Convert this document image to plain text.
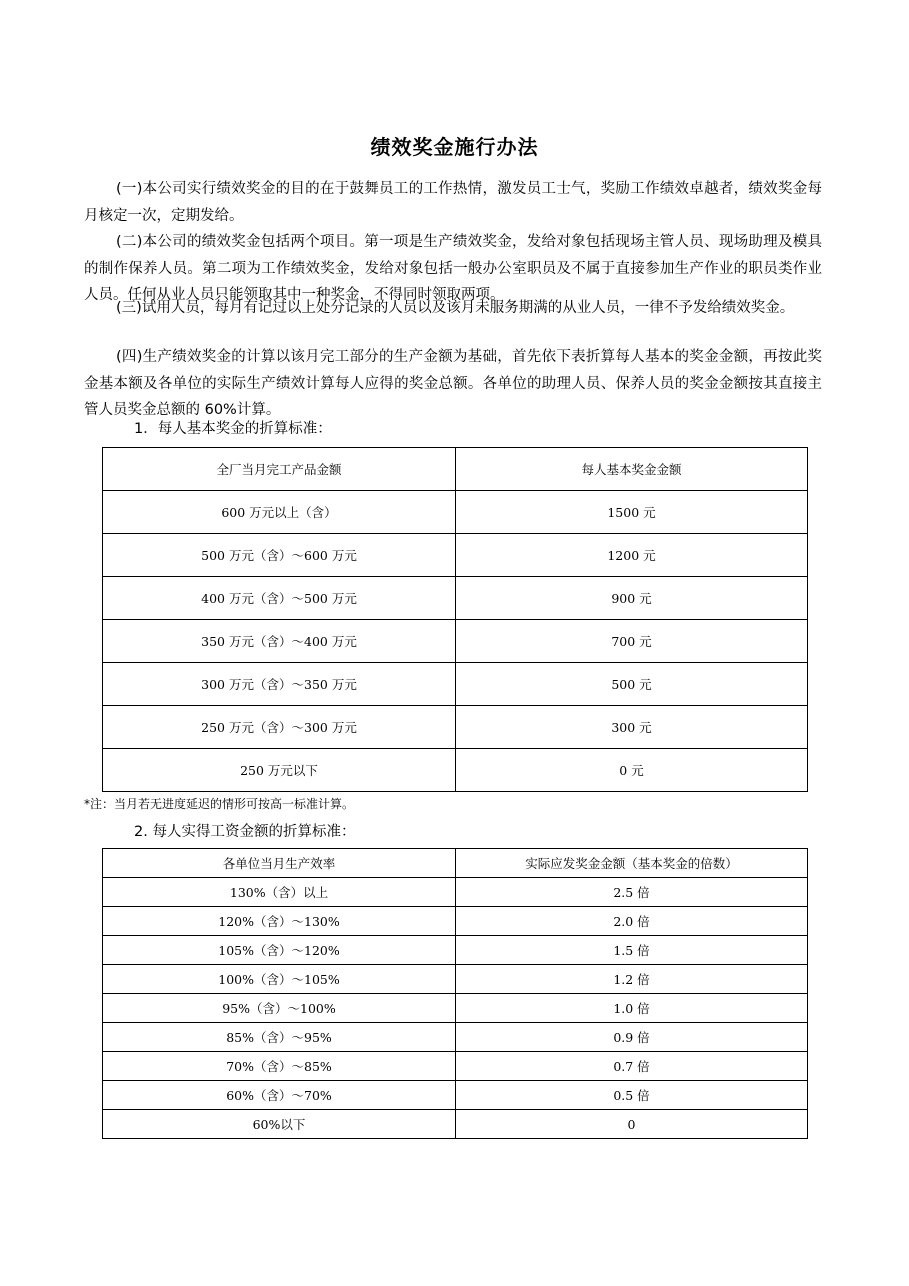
绩效奖金施行办法

(一)本公司实行绩效奖金的目的在于鼓舞员工的工作热情，激发员工士气，奖励工作绩效卓越者，绩效奖金每月核定一次，定期发给。

(二)本公司的绩效奖金包括两个项目。第一项是生产绩效奖金，发给对象包括现场主管人员、现场助理及模具的制作保养人员。第二项为工作绩效奖金，发给对象包括一般办公室职员及不属于直接参加生产作业的职员类作业人员。任何从业人员只能领取其中一种奖金，不得同时领取两项。

(三)试用人员，每月有记过以上处分记录的人员以及该月未服务期满的从业人员，一律不予发给绩效奖金。

(四)生产绩效奖金的计算以该月完工部分的生产金额为基础，首先依下表折算每人基本的奖金金额，再按此奖金基本额及各单位的实际生产绩效计算每人应得的奖金总额。各单位的助理人员、保养人员的奖金金额按其直接主管人员奖金总额的 60%计算。

1．每人基本奖金的折算标准：
全厂当月完工产品金额	每人基本奖金金额
600 万元以上（含）	1500 元
500 万元（含）～600 万元	1200 元
400 万元（含）～500 万元	900 元
350 万元（含）～400 万元	700 元
300 万元（含）～350 万元	500 元
250 万元（含）～300 万元	300 元
250 万元以下	0 元
*注：当月若无进度延迟的情形可按高一标准计算。
2. 每人实得工资金额的折算标准：
各单位当月生产效率	实际应发奖金金额（基本奖金的倍数）
130%（含）以上	2.5 倍
120%（含）～130%	2.0 倍
105%（含）～120%	1.5 倍
100%（含）～105%	1.2 倍
95%（含）～100%	1.0 倍
85%（含）～95%	0.9 倍
70%（含）～85%	0.7 倍
60%（含）～70%	0.5 倍
60%以下	0
